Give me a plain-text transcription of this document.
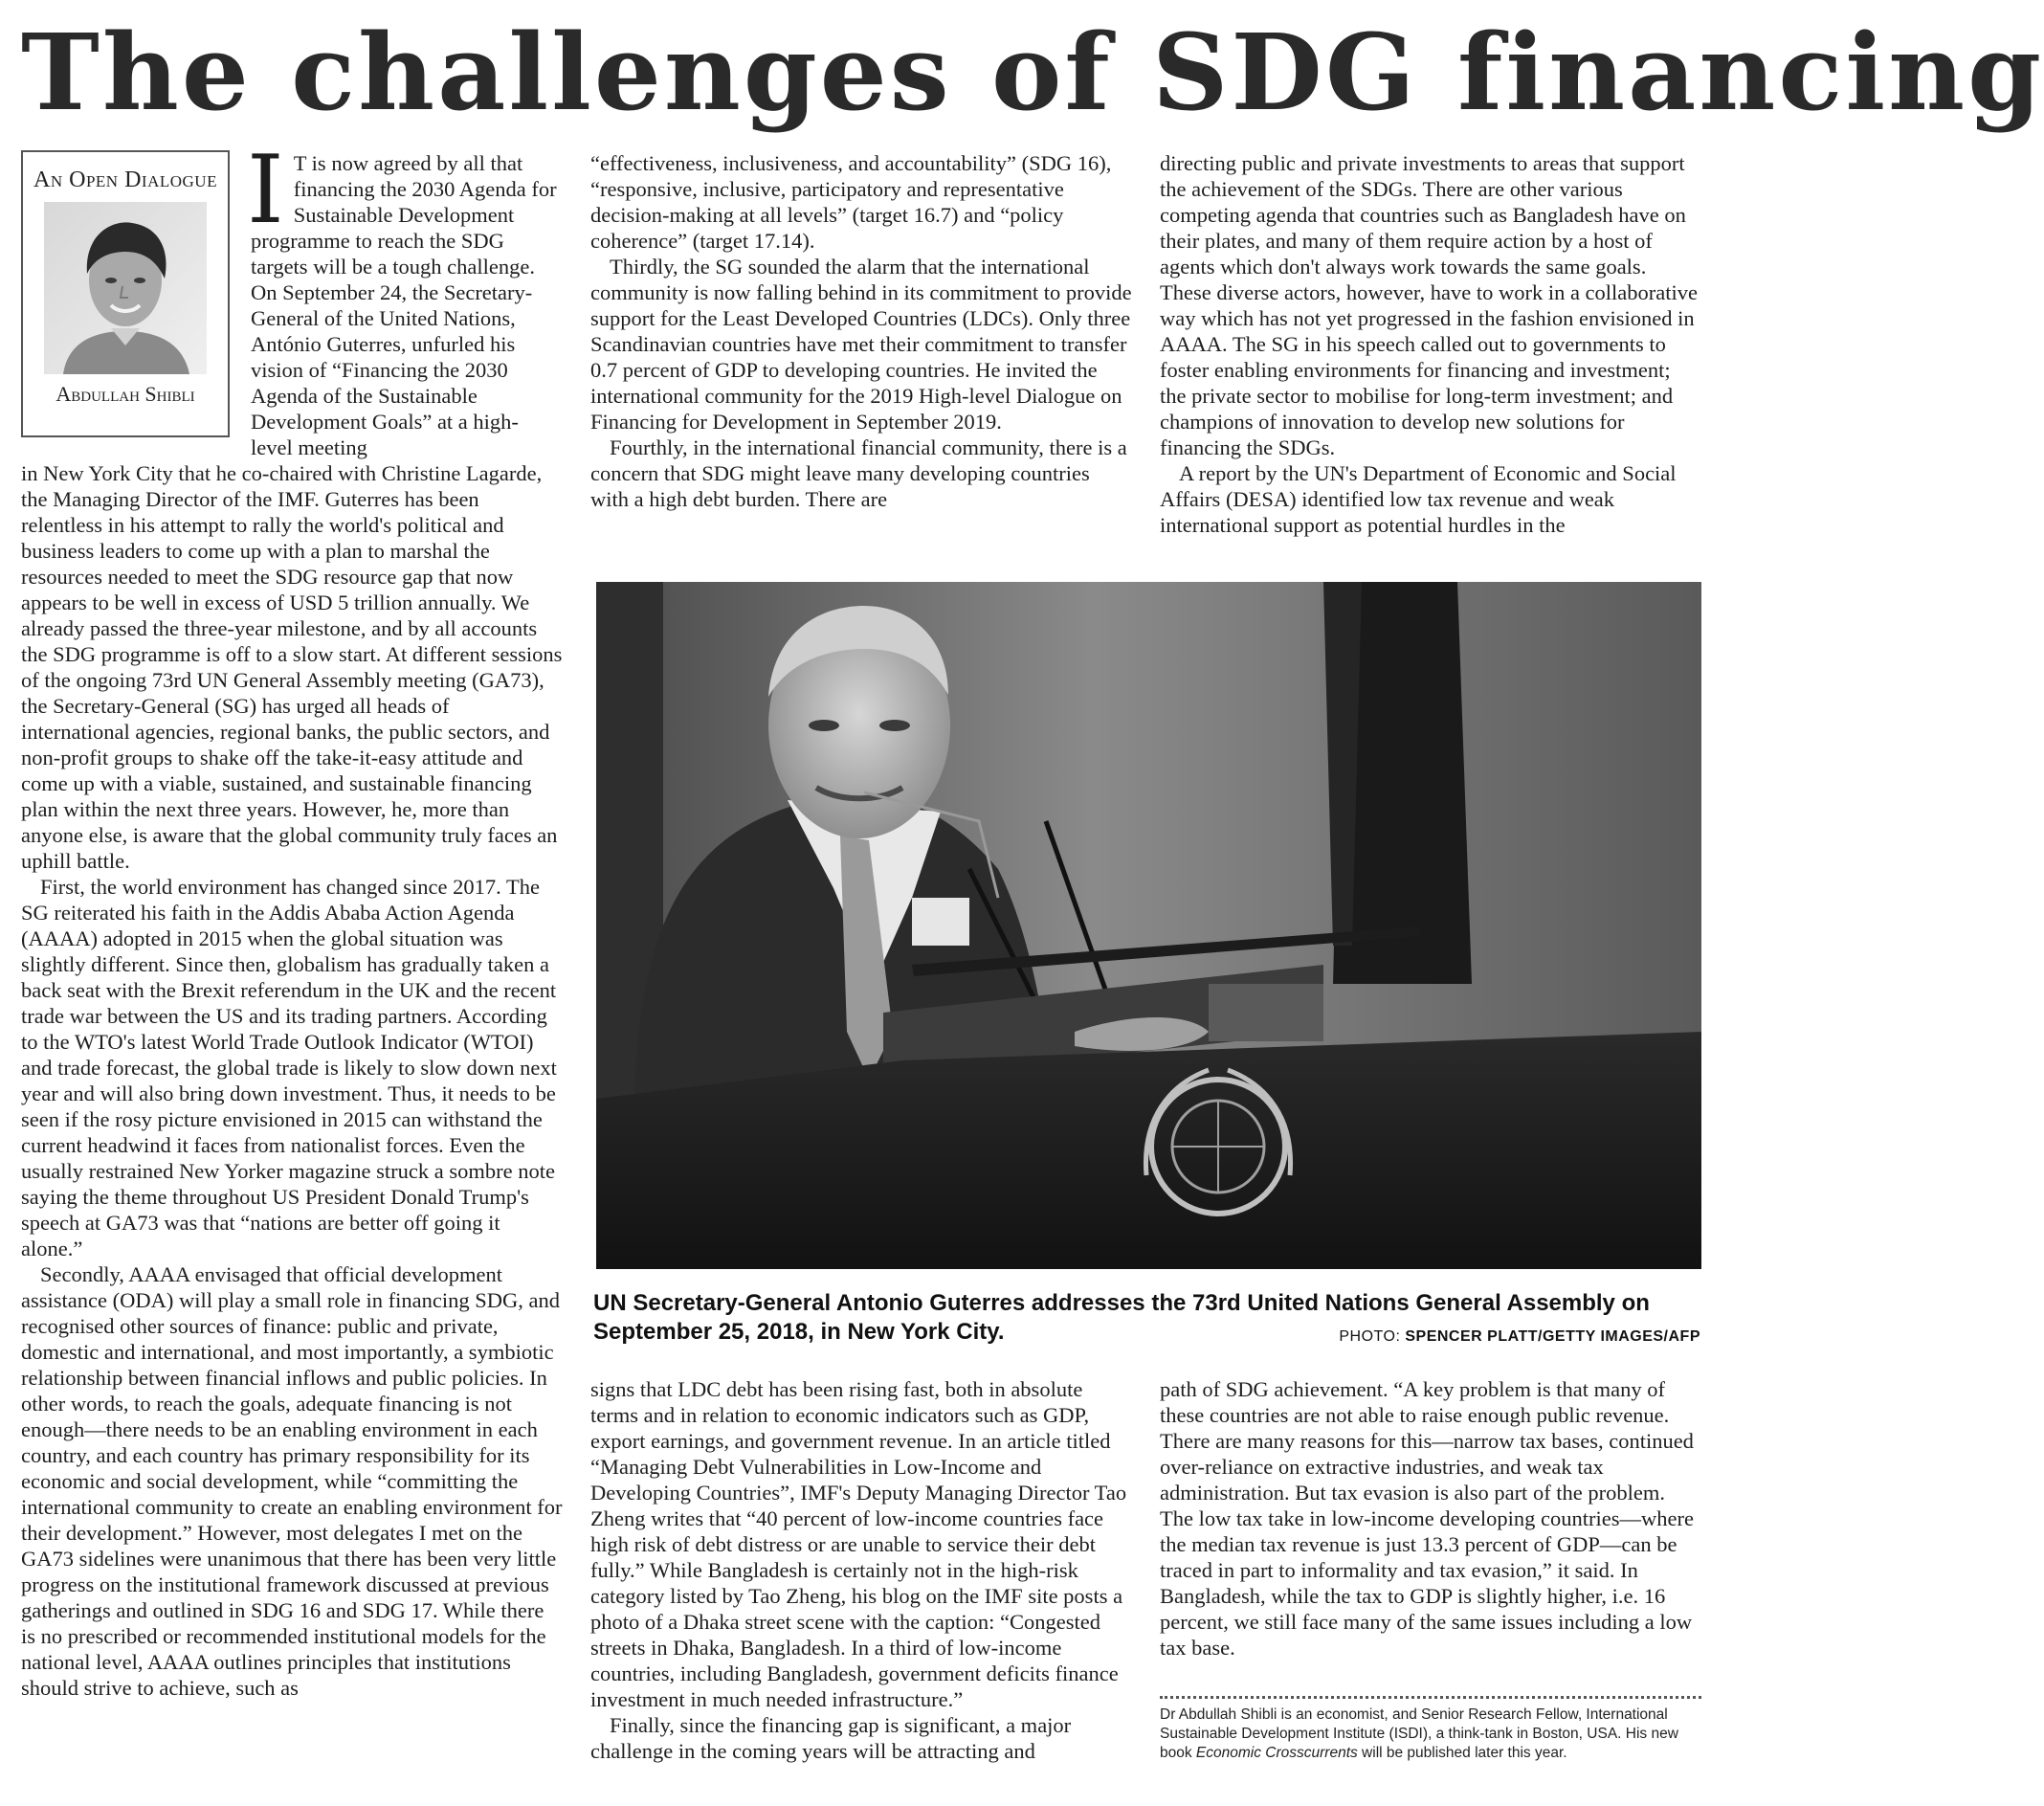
The challenges of SDG financing
An Open Dialogue
Abdullah Shibli

I T is now agreed by all that financing the 2030 Agenda for Sustainable Development programme to reach the SDG targets will be a tough challenge. On September 24, the Secretary-General of the United Nations, António Guterres, unfurled his vision of “Financing the 2030 Agenda of the Sustainable Development Goals” at a high-level meeting

in New York City that he co-chaired with Christine Lagarde, the Managing Director of the IMF. Guterres has been relentless in his attempt to rally the world's political and business leaders to come up with a plan to marshal the resources needed to meet the SDG resource gap that now appears to be well in excess of USD 5 trillion annually. We already passed the three-year milestone, and by all accounts the SDG programme is off to a slow start. At different sessions of the ongoing 73rd UN General Assembly meeting (GA73), the Secretary-General (SG) has urged all heads of international agencies, regional banks, the public sectors, and non-profit groups to shake off the take-it-easy attitude and come up with a viable, sustained, and sustainable financing plan within the next three years. However, he, more than anyone else, is aware that the global community truly faces an uphill battle.

First, the world environment has changed since 2017. The SG reiterated his faith in the Addis Ababa Action Agenda (AAAA) adopted in 2015 when the global situation was slightly different. Since then, globalism has gradually taken a back seat with the Brexit referendum in the UK and the recent trade war between the US and its trading partners. According to the WTO's latest World Trade Outlook Indicator (WTOI) and trade forecast, the global trade is likely to slow down next year and will also bring down investment. Thus, it needs to be seen if the rosy picture envisioned in 2015 can withstand the current headwind it faces from nationalist forces. Even the usually restrained New Yorker magazine struck a sombre note saying the theme throughout US President Donald Trump's speech at GA73 was that “nations are better off going it alone.”

Secondly, AAAA envisaged that official development assistance (ODA) will play a small role in financing SDG, and recognised other sources of finance: public and private, domestic and international, and most importantly, a symbiotic relationship between financial inflows and public policies. In other words, to reach the goals, adequate financing is not enough—there needs to be an enabling environment in each country, and each country has primary responsibility for its economic and social development, while “committing the international community to create an enabling environment for their development.” However, most delegates I met on the GA73 sidelines were unanimous that there has been very little progress on the institutional framework discussed at previous gatherings and outlined in SDG 16 and SDG 17. While there is no prescribed or recommended institutional models for the national level, AAAA outlines principles that institutions should strive to achieve, such as

“effectiveness, inclusiveness, and accountability” (SDG 16), “responsive, inclusive, participatory and representative decision-making at all levels” (target 16.7) and “policy coherence” (target 17.14).

Thirdly, the SG sounded the alarm that the international community is now falling behind in its commitment to provide support for the Least Developed Countries (LDCs). Only three Scandinavian countries have met their commitment to transfer 0.7 percent of GDP to developing countries. He invited the international community for the 2019 High-level Dialogue on Financing for Development in September 2019.

Fourthly, in the international financial community, there is a concern that SDG might leave many developing countries with a high debt burden. There are

directing public and private investments to areas that support the achievement of the SDGs. There are other various competing agenda that countries such as Bangladesh have on their plates, and many of them require action by a host of agents which don't always work towards the same goals. These diverse actors, however, have to work in a collaborative way which has not yet progressed in the fashion envisioned in AAAA. The SG in his speech called out to governments to foster enabling environments for financing and investment; the private sector to mobilise for long-term investment; and champions of innovation to develop new solutions for financing the SDGs.

A report by the UN's Department of Economic and Social Affairs (DESA) identified low tax revenue and weak international support as potential hurdles in the

UN Secretary-General Antonio Guterres addresses the 73rd United Nations General Assembly on September 25, 2018, in New York City.	PHOTO: SPENCER PLATT/GETTY IMAGES/AFP

signs that LDC debt has been rising fast, both in absolute terms and in relation to economic indicators such as GDP, export earnings, and government revenue. In an article titled “Managing Debt Vulnerabilities in Low-Income and Developing Countries”, IMF's Deputy Managing Director Tao Zheng writes that “40 percent of low-income countries face high risk of debt distress or are unable to service their debt fully.” While Bangladesh is certainly not in the high-risk category listed by Tao Zheng, his blog on the IMF site posts a photo of a Dhaka street scene with the caption: “Congested streets in Dhaka, Bangladesh. In a third of low-income countries, including Bangladesh, government deficits finance investment in much needed infrastructure.”

Finally, since the financing gap is significant, a major challenge in the coming years will be attracting and

path of SDG achievement. “A key problem is that many of these countries are not able to raise enough public revenue. There are many reasons for this—narrow tax bases, continued over-reliance on extractive industries, and weak tax administration. But tax evasion is also part of the problem. The low tax take in low-income developing countries—where the median tax revenue is just 13.3 percent of GDP—can be traced in part to informality and tax evasion,” it said. In Bangladesh, while the tax to GDP is slightly higher, i.e. 16 percent, we still face many of the same issues including a low tax base.

Dr Abdullah Shibli is an economist, and Senior Research Fellow, International Sustainable Development Institute (ISDI), a think-tank in Boston, USA. His new book Economic Crosscurrents will be published later this year.
